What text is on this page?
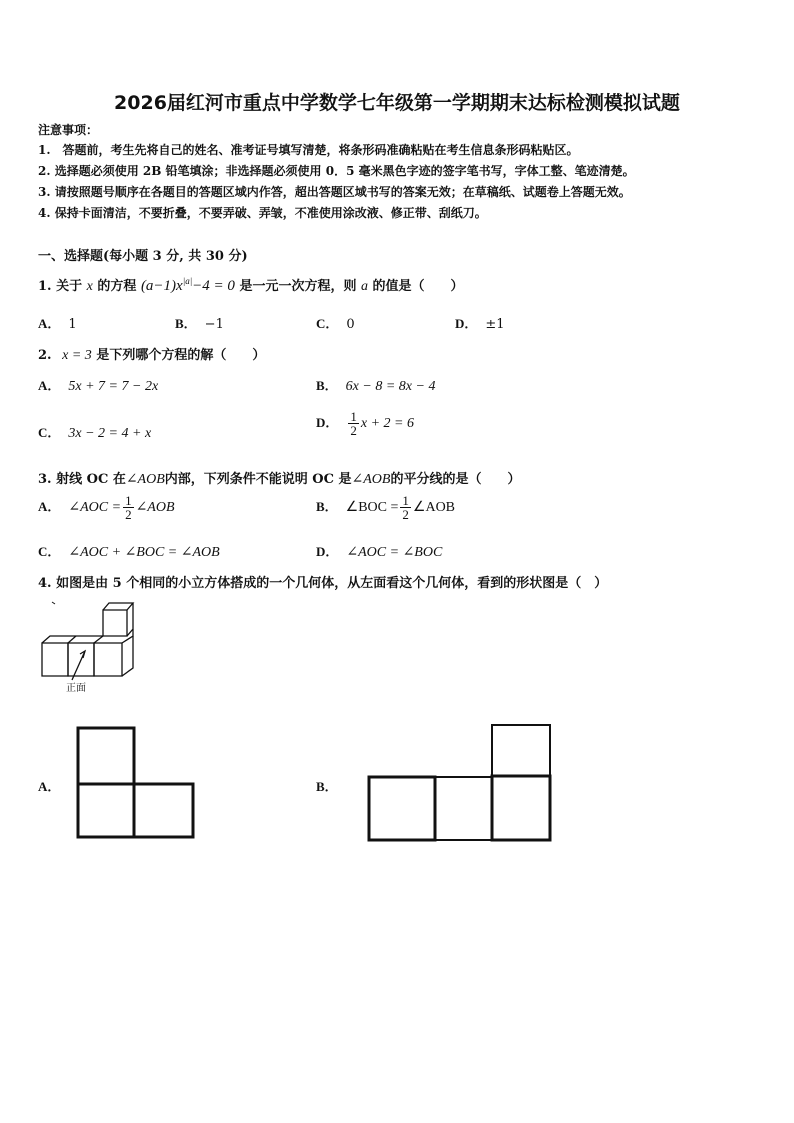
2026届红河市重点中学数学七年级第一学期期末达标检测模拟试题
注意事项：
1.　答题前，考生先将自己的姓名、准考证号填写清楚，将条形码准确粘贴在考生信息条形码粘贴区。
2. 选择题必须使用 2B 铅笔填涂；非选择题必须使用 0．5 毫米黑色字迹的签字笔书写，字体工整、笔迹清楚。
3. 请按照题号顺序在各题目的答题区域内作答，超出答题区域书写的答案无效；在草稿纸、试题卷上答题无效。
4. 保持卡面清洁，不要折叠，不要弄破、弄皱，不准使用涂改液、修正带、刮纸刀。
一、选择题(每小题 3 分, 共 30 分)
1. 关于 x 的方程 $(a-1)x^{|a|}-4 = 0$ 是一元一次方程，则 a 的值是（　　）
A． 1	B． −1	C． 0	D． ±1
2. x = 3 是下列哪个方程的解（　　）
A． 5x + 7 = 7 − 2x	B． 6x − 8 = 8x − 4
C． 3x − 2 = 4 + x
D． $\frac{1}{2}$ x + 2 = 6
3. 射线 OC 在∠AOB内部，下列条件不能说明 OC 是∠AOB的平分线的是（　　）
A． ∠AOC = $\frac{1}{2}$ ∠AOB	B． ∠BOC = $\frac{1}{2}$ ∠AOB
C． ∠AOC + ∠BOC = ∠AOB	D． ∠AOC = ∠BOC
4. 如图是由 5 个相同的小立方体搭成的一个几何体，从左面看这个几何体，看到的形状图是（　）
正面
A．	B．
